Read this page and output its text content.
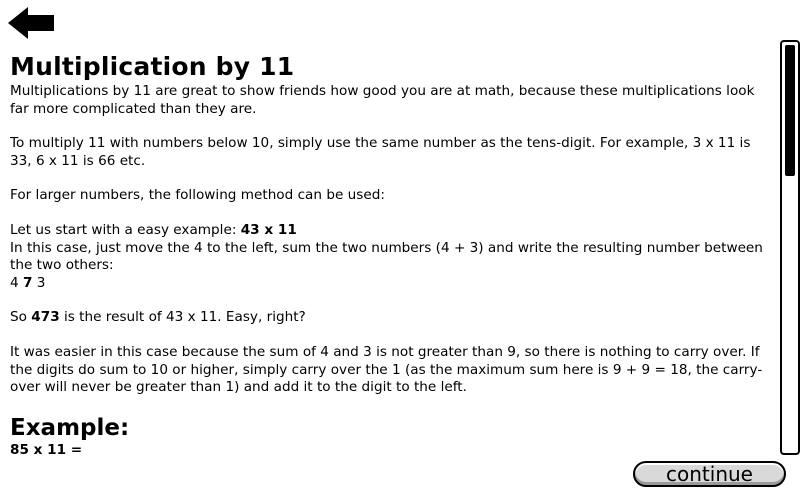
Multiplication by 11

Multiplications by 11 are great to show friends how good you are at math, because these multiplications look far more complicated than they are.

To multiply 11 with numbers below 10, simply use the same number as the tens-digit. For example, 3 x 11 is 33, 6 x 11 is 66 etc.

For larger numbers, the following method can be used:

Let us start with a easy example: 43 x 11
In this case, just move the 4 to the left, sum the two numbers (4 + 3) and write the resulting number between the two others:
4 7 3

So 473 is the result of 43 x 11. Easy, right?

It was easier in this case because the sum of 4 and 3 is not greater than 9, so there is nothing to carry over. If the digits do sum to 10 or higher, simply carry over the 1 (as the maximum sum here is 9 + 9 = 18, the carry-over will never be greater than 1) and add it to the digit to the left.

Example:
85 x 11 =
continue
